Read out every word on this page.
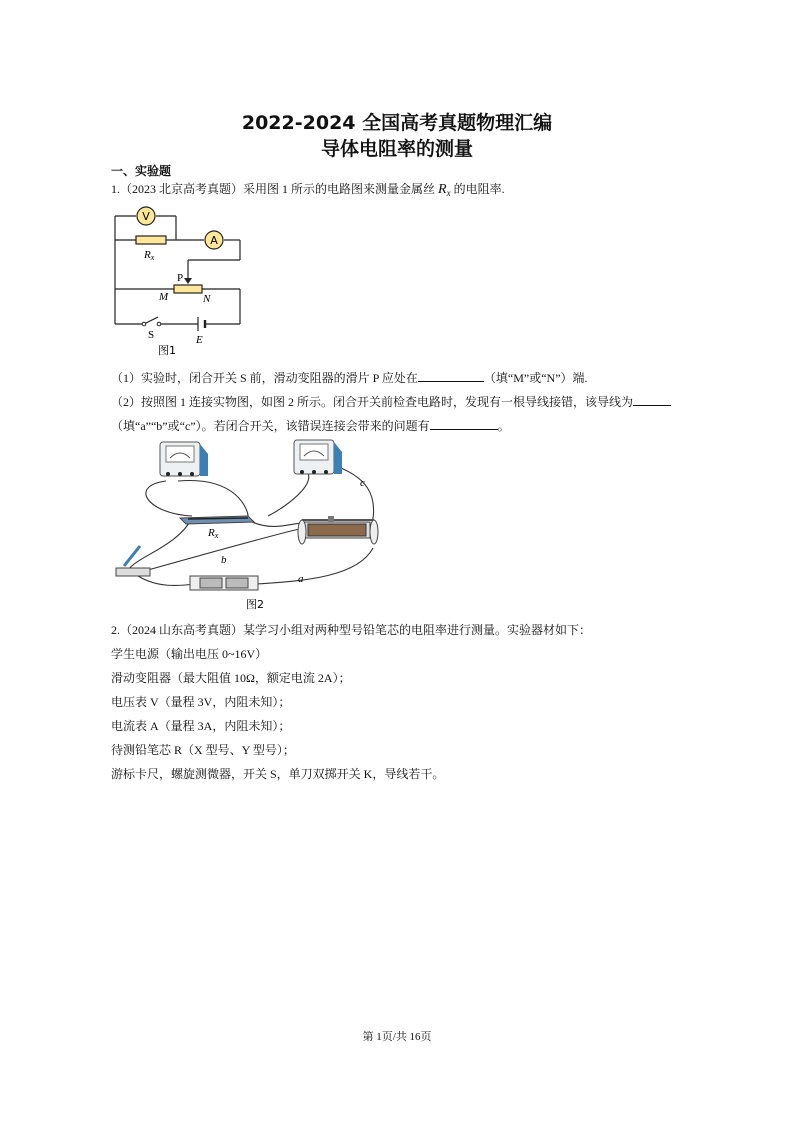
2022-2024 全国高考真题物理汇编
导体电阻率的测量
一、实验题
1.（2023 北京高考真题）采用图 1 所示的电路图来测量金属丝 $R_x$ 的电阻率.
V
Rx
A
P
M	N
S	E
图1
（1）实验时，闭合开关 S 前，滑动变阻器的滑片 P 应处在	（填“M”或“N”）端.
（2）按照图 1 连接实物图，如图 2 所示。闭合开关前检查电路时，发现有一根导线接错，该导线为
（填“a”“b”或“c”）。若闭合开关，该错误连接会带来的问题有	。
Rx
b
a
c
图2
2.（2024 山东高考真题）某学习小组对两种型号铅笔芯的电阻率进行测量。实验器材如下：
学生电源（输出电压 0~16V）
滑动变阻器（最大阻值 10Ω，额定电流 2A）；
电压表 V（量程 3V，内阻未知）；
电流表 A（量程 3A，内阻未知）；
待测铅笔芯 R（X 型号、Y 型号）；
游标卡尺，螺旋测微器，开关 S，单刀双掷开关 K，导线若干。
第 1页/共 16页
